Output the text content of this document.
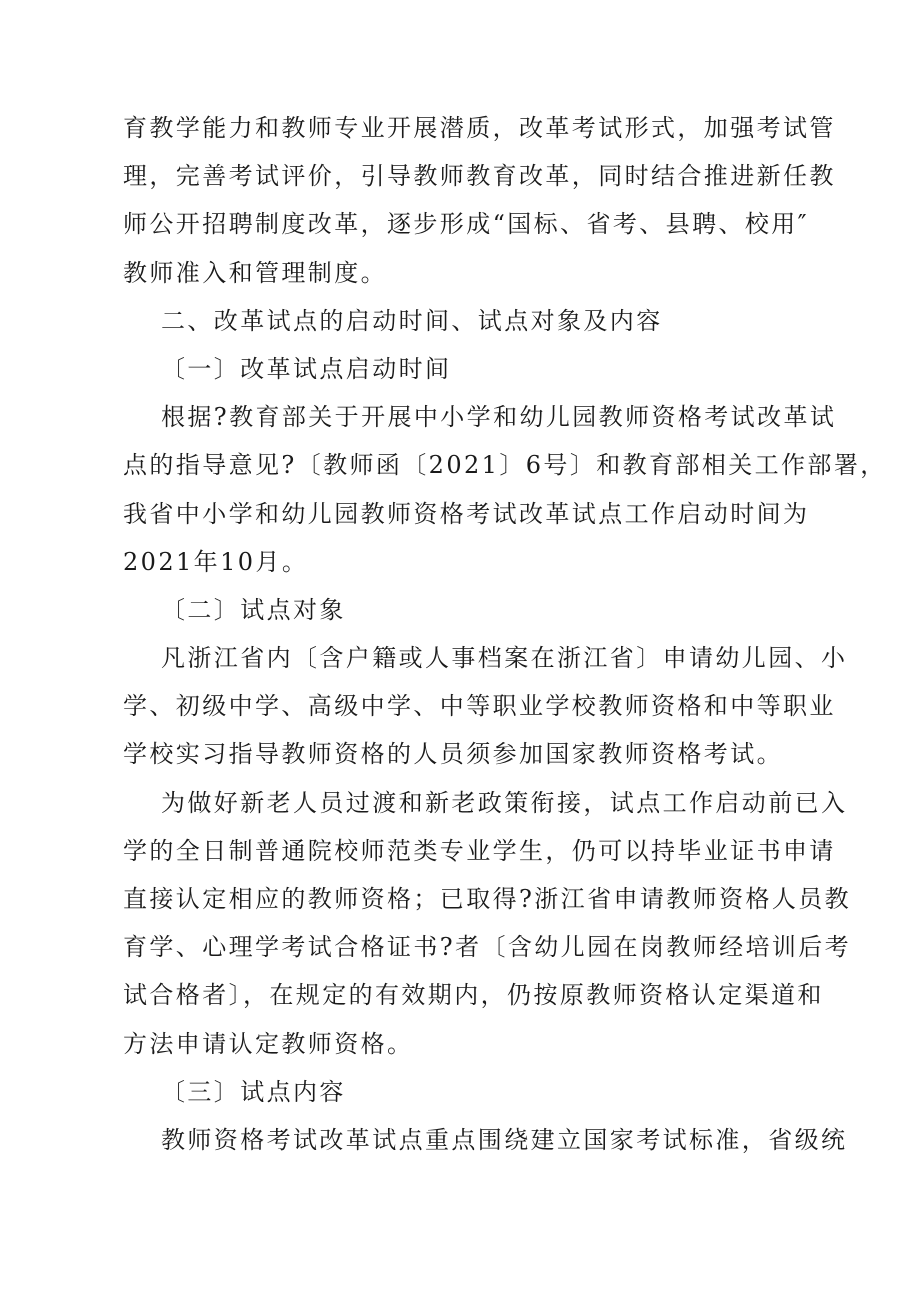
育教学能力和教师专业开展潜质，改革考试形式，加强考试管
理，完善考试评价，引导教师教育改革，同时结合推进新任教
师公开招聘制度改革，逐步形成“国标、省考、县聘、校用″
教师准入和管理制度。
二、改革试点的启动时间、试点对象及内容
〔一〕改革试点启动时间
根据?教育部关于开展中小学和幼儿园教师资格考试改革试
点的指导意见?〔教师函〔2021〕6号〕和教育部相关工作部署，
我省中小学和幼儿园教师资格考试改革试点工作启动时间为
2021年10月。
〔二〕试点对象
凡浙江省内〔含户籍或人事档案在浙江省〕申请幼儿园、小
学、初级中学、高级中学、中等职业学校教师资格和中等职业
学校实习指导教师资格的人员须参加国家教师资格考试。
为做好新老人员过渡和新老政策衔接，试点工作启动前已入
学的全日制普通院校师范类专业学生，仍可以持毕业证书申请
直接认定相应的教师资格；已取得?浙江省申请教师资格人员教
育学、心理学考试合格证书?者〔含幼儿园在岗教师经培训后考
试合格者〕，在规定的有效期内，仍按原教师资格认定渠道和
方法申请认定教师资格。
〔三〕试点内容
教师资格考试改革试点重点围绕建立国家考试标准，省级统
